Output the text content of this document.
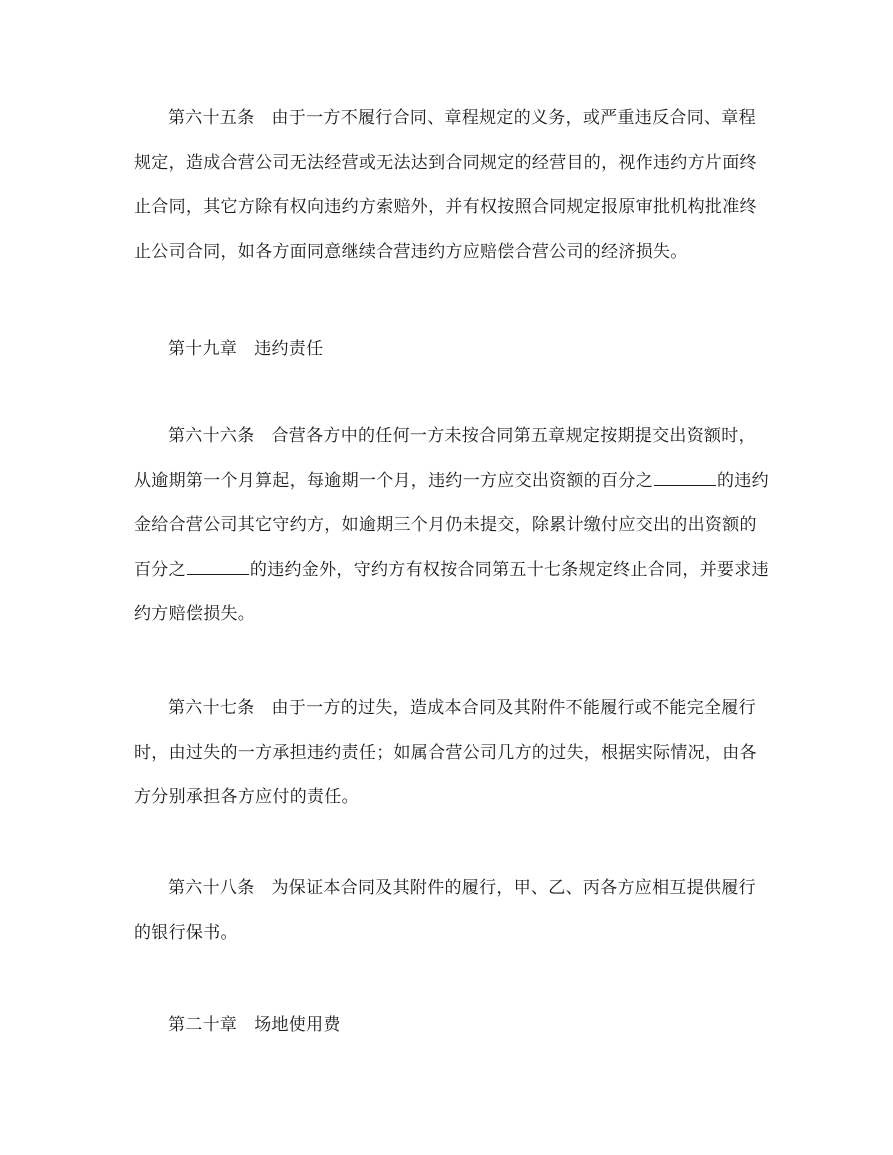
第六十五条 由于一方不履行合同、章程规定的义务，或严重违反合同、章程
规定，造成合营公司无法经营或无法达到合同规定的经营目的，视作违约方片面终
止合同，其它方除有权向违约方索赔外，并有权按照合同规定报原审批机构批准终
止公司合同，如各方面同意继续合营违约方应赔偿合营公司的经济损失。
第十九章 违约责任
第六十六条 合营各方中的任何一方未按合同第五章规定按期提交出资额时，
从逾期第一个月算起，每逾期一个月，违约一方应交出资额的百分之	的违约
金给合营公司其它守约方，如逾期三个月仍未提交，除累计缴付应交出的出资额的
百分之	的违约金外，守约方有权按合同第五十七条规定终止合同，并要求违
约方赔偿损失。
第六十七条 由于一方的过失，造成本合同及其附件不能履行或不能完全履行
时，由过失的一方承担违约责任；如属合营公司几方的过失，根据实际情况，由各
方分别承担各方应付的责任。
第六十八条 为保证本合同及其附件的履行，甲、乙、丙各方应相互提供履行
的银行保书。
第二十章 场地使用费
